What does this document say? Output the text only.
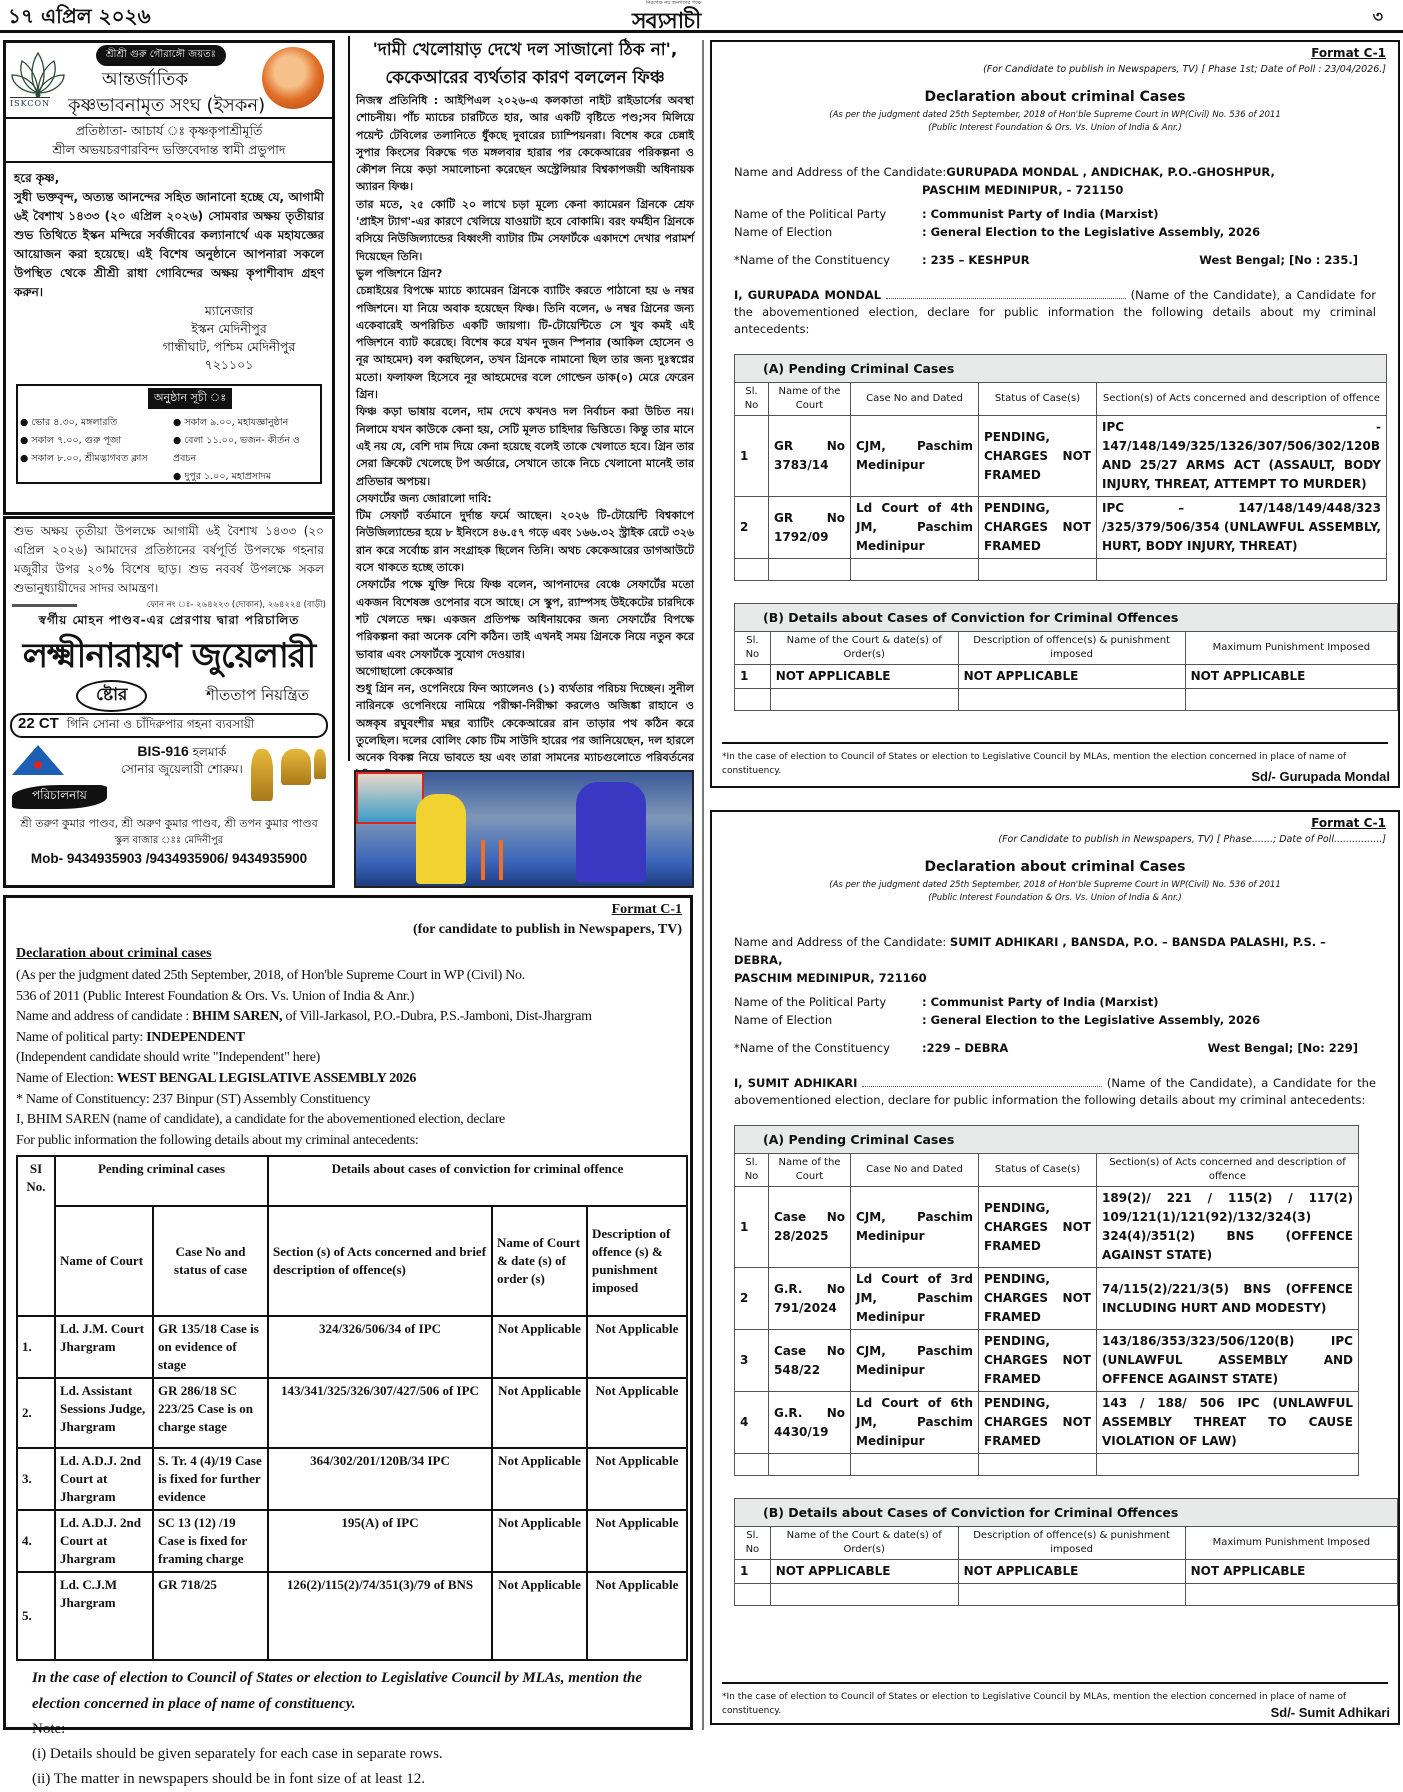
১৭ এপ্রিল ২০২৬
নিরপেক্ষ নয় জনগণের পক্ষে
সব্যসাচী	৩
ISKCON
শ্রীশ্রী গুরু গৌরাঙ্গৌ জয়তঃ
আন্তর্জাতিক
কৃষ্ণভাবনামৃত সংঘ (ইসকন)
প্রতিষ্ঠাতা- আচার্য ঃ কৃষ্ণকৃপাশ্রীমূর্তি
শ্রীল অভয়চরণারবিন্দ ভক্তিবেদান্ত স্বামী প্রভুপাদ
হরে কৃষ্ণ,
সুধী ভক্তবৃন্দ, অত্যন্ত আনন্দের সহিত জানানো হচ্ছে যে, আগামী ৬ই বৈশাখ ১৪৩৩ (২০ এপ্রিল ২০২৬) সোমবার অক্ষয় তৃতীয়ার শুভ তিথিতে ইস্কন মন্দিরে সর্বজীবের কল্যানার্থে এক মহাযজ্ঞের আয়োজন করা হয়েছে। এই বিশেষ অনুষ্ঠানে আপনারা সকলে উপস্থিত থেকে শ্রীশ্রী রাধা গোবিন্দের অক্ষয় কৃপাশীবাদ গ্রহণ করুন।
ম্যানেজার
ইস্কন মেদিনীপুর
গান্ধীঘাট, পশ্চিম মেদিনীপুর
৭২১১০১
অনুষ্ঠান সূচী ঃ
● ভোর ৪.৩০, মঙ্গলারতি
● সকাল ৭.০০, গুরু পূজা
● সকাল ৮.০০, শ্রীমদ্ভাগবত ক্লাস
● সকাল ৯.০০, মহাযজ্ঞানুষ্ঠান
● বেলা ১১.০০, ভজন- কীর্তন ও প্রবচন
● দুপুর ১.০০, মহাপ্রসাদম
শুভ অক্ষয় তৃতীয়া উপলক্ষে আগামী ৬ই বৈশাখ ১৪৩৩ (২০ এপ্রিল ২০২৬) আমাদের প্রতিষ্ঠানের বর্ষপূর্তি উপলক্ষে গহনার মজুরীর উপর ২০% বিশেষ ছাড়। শুভ নববর্ষ উপলক্ষে সকল শুভানুধ্যায়ীদের সাদর আমন্ত্রণ।
ফোন নং ঃ- ২৬৪২২৩ (দোকান), ২৬৪২২৪ (বাড়ী)
স্বর্গীয় মোহন পাণ্ডব-এর প্রেরণায় দ্বারা পরিচালিত
লক্ষ্মীনারায়ণ জুয়েলারী
ষ্টোর	শীততাপ নিয়ন্ত্রিত
22 CT গিনি সোনা ও চাঁদিরুপার গহনা ব্যবসায়ী
BIS-916 হলমার্ক
সোনার জুয়েলারী শোরুম।
পরিচালনায়
শ্রী তরুণ কুমার পাণ্ডব, শ্রী অরুণ কুমার পাণ্ডব, শ্রী তপন কুমার পাণ্ডব
স্কুল বাজার ঃঃ মেদিনীপুর
Mob- 9434935903 /9434935906/ 9434935900
'দামী খেলোয়াড় দেখে দল সাজানো ঠিক না',
কেকেআরের ব্যর্থতার কারণ বললেন ফিঞ্চ
নিজস্ব প্রতিনিধি : আইপিএল ২০২৬-এ কলকাতা নাইট রাইডার্সের অবস্থা শোচনীয়। পাঁচ ম্যাচের চারটিতে হার, আর একটি বৃষ্টিতে পণ্ড;সব মিলিয়ে পয়েন্ট টেবিলের তলানিতে ধুঁকছে দুবারের চ্যাম্পিয়নরা। বিশেষ করে চেন্নাই সুপার কিংসের বিরুদ্ধে গত মঙ্গলবার হারার পর কেকেআরের পরিকল্পনা ও কৌশল নিয়ে কড়া সমালোচনা করেছেন অস্ট্রেলিয়ার বিশ্বকাপজয়ী অধিনায়ক অ্যারন ফিঞ্চ।
তার মতে, ২৫ কোটি ২০ লাখে চড়া মূল্যে কেনা ক্যামেরন গ্রিনকে শ্রেফ 'প্রাইস ট্যাগ'-এর কারণে খেলিয়ে যাওয়াটা হবে বোকামি। বরং ফর্মহীন গ্রিনকে বসিয়ে নিউজিল্যান্ডের বিধ্বংসী ব্যাটার টিম সেফার্টকে একাদশে দেখার পরামর্শ দিয়েছেন তিনি।
ভুল পজিশনে গ্রিন?
চেন্নাইয়ের বিপক্ষে ম্যাচে ক্যামেরন গ্রিনকে ব্যাটিং করতে পাঠানো হয় ৬ নম্বর পজিশনে। যা নিয়ে অবাক হয়েছেন ফিঞ্চ। তিনি বলেন, ৬ নম্বর গ্রিনের জন্য একেবারেই অপরিচিত একটি জায়গা। টি-টোয়েন্টিতে সে খুব কমই এই পজিশনে ব্যাট করেছে। বিশেষ করে যখন দুজন স্পিনার (আকিল হোসেন ও নূর আহমেদ) বল করছিলেন, তখন গ্রিনকে নামানো ছিল তার জন্য দুঃস্বপ্নের মতো। ফলাফল হিসেবে নূর আহমেদের বলে গোল্ডেন ডাক(০) মেরে ফেরেন গ্রিন।
ফিঞ্চ কড়া ভাষায় বলেন, দাম দেখে কখনও দল নির্বাচন করা উচিত নয়। নিলামে যখন কাউকে কেনা হয়, সেটি মূলত চাহিদার ভিত্তিতে। কিন্তু তার মানে এই নয় যে, বেশি দাম দিয়ে কেনা হয়েছে বলেই তাকে খেলাতে হবে। গ্রিন তার সেরা ক্রিকেট খেলেছে টপ অর্ডারে, সেখানে তাকে নিচে খেলানো মানেই তার প্রতিভার অপচয়।
সেফার্টের জন্য জোরালো দাবি:
টিম সেফার্ট বর্তমানে দুর্দান্ত ফর্মে আছেন। ২০২৬ টি-টোয়েন্টি বিশ্বকাপে নিউজিল্যান্ডের হয়ে ৮ ইনিংসে ৪৬.৫৭ গড়ে এবং ১৬৬.৩২ স্ট্রাইক রেটে ৩২৬ রান করে সর্বোচ্চ রান সংগ্রাহক ছিলেন তিনি। অথচ কেকেআরের ডাগআউটে বসে থাকতে হচ্ছে তাকে।
সেফার্টের পক্ষে যুক্তি দিয়ে ফিঞ্চ বলেন, আপনাদের বেঞ্চে সেফার্টের মতো একজন বিশেষজ্ঞ ওপেনার বসে আছে। সে স্কুপ, র‍্যাম্পসহ উইকেটের চারদিকে শট খেলতে দক্ষ। একজন প্রতিপক্ষ অধিনায়কের জন্য সেফার্টের বিপক্ষে পরিকল্পনা করা অনেক বেশি কঠিন। তাই এখনই সময় গ্রিনকে নিয়ে নতুন করে ভাবার এবং সেফার্টকে সুযোগ দেওয়ার।
অগোছালো কেকেআর
শুধু গ্রিন নন, ওপেনিংয়ে ফিন অ্যালেনও (১) ব্যর্থতার পরিচয় দিচ্ছেন। সুনীল নারিনকে ওপেনিংয়ে নামিয়ে পরীক্ষা-নিরীক্ষা করলেও অজিঙ্কা রাহানে ও অঙ্গকৃষ রঘুবংশীর মন্থর ব্যাটিং কেকেআরের রান তাড়ার পথ কঠিন করে তুলেছিল। দলের বোলিং কোচ টিম সাউদি হারের পর জানিয়েছেন, দল হারলে অনেক বিকল্প নিয়ে ভাবতে হয় এবং তারা সামনের ম্যাচগুলোতে পরিবর্তনের
Format C-1
(for candidate to publish in Newspapers, TV)
Declaration about criminal cases
(As per the judgment dated 25th September, 2018, of Hon'ble Supreme Court in WP (Civil) No.
536 of 2011 (Public Interest Foundation & Ors. Vs. Union of India & Anr.)
Name and address of candidate : BHIM SAREN, of Vill-Jarkasol, P.O.-Dubra, P.S.-Jamboni, Dist-Jhargram
Name of political party: INDEPENDENT
(Independent candidate should write "Independent" here)
Name of Election: WEST BENGAL LEGISLATIVE ASSEMBLY 2026
* Name of Constituency: 237 Binpur (ST) Assembly Constituency
I, BHIM SAREN (name of candidate), a candidate for the abovementioned election, declare
For public information the following details about my criminal antecedents:
SI No.	Pending criminal cases		Details about cases of conviction for criminal offence		
	Name of Court	Case No and status of case	Section (s) of Acts concerned and brief description of offence(s)	Name of Court & date (s) of order (s)	Description of offence (s) & punishment imposed
1.	Ld. J.M. Court Jhargram	GR 135/18 Case is on evidence of stage	324/326/506/34 of IPC	Not Applicable	Not Applicable
2.	Ld. Assistant Sessions Judge, Jhargram	GR 286/18 SC 223/25 Case is on charge stage	143/341/325/326/307/427/506 of IPC	Not Applicable	Not Applicable
3.	Ld. A.D.J. 2nd Court at Jhargram	S. Tr. 4 (4)/19 Case is fixed for further evidence	364/302/201/120B/34 IPC	Not Applicable	Not Applicable
4.	Ld. A.D.J. 2nd Court at Jhargram	SC 13 (12) /19 Case is fixed for framing charge	195(A) of IPC	Not Applicable	Not Applicable
5.	Ld. C.J.M Jhargram	GR 718/25	126(2)/115(2)/74/351(3)/79 of BNS	Not Applicable	Not Applicable
In the case of election to Council of States or election to Legislative Council by MLAs, mention the election concerned in place of name of constituency.
Note:
(i) Details should be given separately for each case in separate rows.
(ii) The matter in newspapers should be in font size of at least 12.
Format C-1
(For Candidate to publish in Newspapers, TV) [ Phase 1st; Date of Poll : 23/04/2026.]
Declaration about criminal Cases
(As per the judgment dated 25th September, 2018 of Hon'ble Supreme Court in WP(Civil) No. 536 of 2011
(Public Interest Foundation & Ors. Vs. Union of India & Anr.)
Name and Address of the Candidate:GURUPADA MONDAL , ANDICHAK, P.O.-GHOSHPUR,
PASCHIM MEDINIPUR, - 721150
Name of the Political Party	: Communist Party of India (Marxist)
Name of Election	: General Election to the Legislative Assembly, 2026
*Name of the Constituency	: 235 – KESHPUR	West Bengal; [No : 235.]
I, GURUPADA MONDAL	(Name of the Candidate), a Candidate for the abovementioned election, declare for public information the following details about my criminal antecedents:
(A) Pending Criminal Cases				
Sl. No	Name of the Court	Case No and Dated	Status of Case(s)	Section(s) of Acts concerned and description of offence
1	GR No 3783/14	CJM, Paschim Medinipur	PENDING, CHARGES NOT FRAMED	IPC - 147/148/149/325/1326/307/506/302/120B AND 25/27 ARMS ACT (ASSAULT, BODY INJURY, THREAT, ATTEMPT TO MURDER)
2	GR No 1792/09	Ld Court of 4th JM, Paschim Medinipur	PENDING, CHARGES NOT FRAMED	IPC – 147/148/149/448/323 /325/379/506/354 (UNLAWFUL ASSEMBLY, HURT, BODY INJURY, THREAT)

(B) Details about Cases of Conviction for Criminal Offences			
Sl. No	Name of the Court & date(s) of Order(s)	Description of offence(s) & punishment imposed	Maximum Punishment Imposed
1	NOT APPLICABLE	NOT APPLICABLE	NOT APPLICABLE

*In the case of election to Council of States or election to Legislative Council by MLAs, mention the election concerned in place of name of constituency.	Sd/- Gurupada Mondal
Format C-1
(For Candidate to publish in Newspapers, TV) [ Phase.......; Date of Poll................]
Declaration about criminal Cases
(As per the judgment dated 25th September, 2018 of Hon'ble Supreme Court in WP(Civil) No. 536 of 2011
(Public Interest Foundation & Ors. Vs. Union of India & Anr.)
Name and Address of the Candidate: SUMIT ADHIKARI , BANSDA, P.O. – BANSDA PALASHI, P.S. – DEBRA,
PASCHIM MEDINIPUR, 721160
Name of the Political Party	: Communist Party of India (Marxist)
Name of Election	: General Election to the Legislative Assembly, 2026
*Name of the Constituency	:229 – DEBRA	West Bengal; [No: 229]
I, SUMIT ADHIKARI	(Name of the Candidate), a Candidate for the abovementioned election, declare for public information the following details about my criminal antecedents:
(A) Pending Criminal Cases				
Sl. No	Name of the Court	Case No and Dated	Status of Case(s)	Section(s) of Acts concerned and description of offence
1	Case No 28/2025	CJM, Paschim Medinipur	PENDING, CHARGES NOT FRAMED	189(2)/ 221 / 115(2) / 117(2) 109/121(1)/121(92)/132/324(3) 324(4)/351(2) BNS (OFFENCE AGAINST STATE)
2	G.R. No 791/2024	Ld Court of 3rd JM, Paschim Medinipur	PENDING, CHARGES NOT FRAMED	74/115(2)/221/3(5) BNS (OFFENCE INCLUDING HURT AND MODESTY)
3	Case No 548/22	CJM, Paschim Medinipur	PENDING, CHARGES NOT FRAMED	143/186/353/323/506/120(B) IPC (UNLAWFUL ASSEMBLY AND OFFENCE AGAINST STATE)
4	G.R. No 4430/19	Ld Court of 6th JM, Paschim Medinipur	PENDING, CHARGES NOT FRAMED	143 / 188/ 506 IPC (UNLAWFUL ASSEMBLY THREAT TO CAUSE VIOLATION OF LAW)

(B) Details about Cases of Conviction for Criminal Offences			
Sl. No	Name of the Court & date(s) of Order(s)	Description of offence(s) & punishment imposed	Maximum Punishment Imposed
1	NOT APPLICABLE	NOT APPLICABLE	NOT APPLICABLE

*In the case of election to Council of States or election to Legislative Council by MLAs, mention the election concerned in place of name of constituency.	Sd/- Sumit Adhikari
